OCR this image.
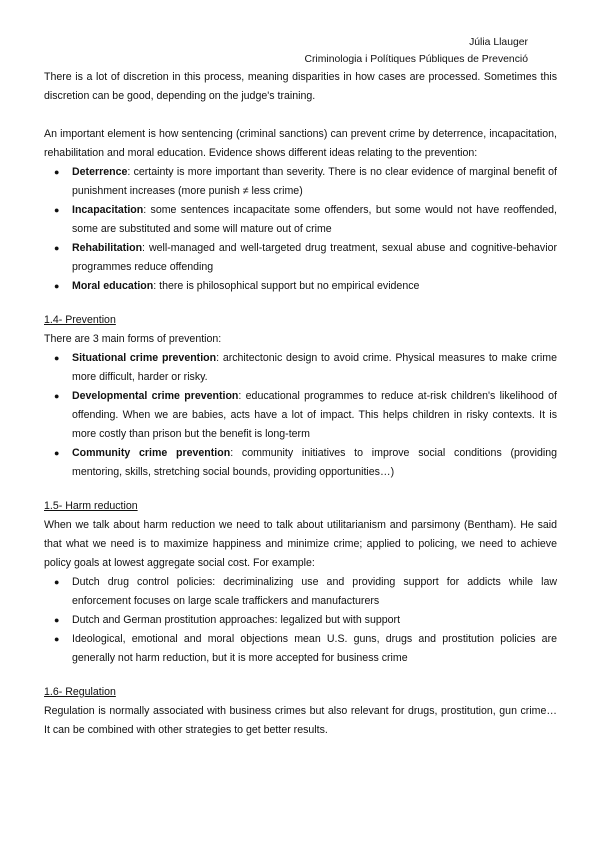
Júlia Llauger
Criminologia i Polítiques Públiques de Prevenció

There is a lot of discretion in this process, meaning disparities in how cases are processed. Sometimes this discretion can be good, depending on the judge's training.

An important element is how sentencing (criminal sanctions) can prevent crime by deterrence, incapacitation, rehabilitation and moral education. Evidence shows different ideas relating to the prevention:

● Deterrence: certainty is more important than severity. There is no clear evidence of marginal benefit of punishment increases (more punish ≠ less crime)
● Incapacitation: some sentences incapacitate some offenders, but some would not have reoffended, some are substituted and some will mature out of crime
● Rehabilitation: well-managed and well-targeted drug treatment, sexual abuse and cognitive-behavior programmes reduce offending
● Moral education: there is philosophical support but no empirical evidence

1.4- Prevention

There are 3 main forms of prevention:

● Situational crime prevention: architectonic design to avoid crime. Physical measures to make crime more difficult, harder or risky.
● Developmental crime prevention: educational programmes to reduce at-risk children's likelihood of offending. When we are babies, acts have a lot of impact. This helps children in risky contexts. It is more costly than prison but the benefit is long-term
● Community crime prevention: community initiatives to improve social conditions (providing mentoring, skills, stretching social bounds, providing opportunities…)

1.5- Harm reduction

When we talk about harm reduction we need to talk about utilitarianism and parsimony (Bentham). He said that what we need is to maximize happiness and minimize crime; applied to policing, we need to achieve policy goals at lowest aggregate social cost. For example:

● Dutch drug control policies: decriminalizing use and providing support for addicts while law enforcement focuses on large scale traffickers and manufacturers
● Dutch and German prostitution approaches: legalized but with support
● Ideological, emotional and moral objections mean U.S. guns, drugs and prostitution policies are generally not harm reduction, but it is more accepted for business crime

1.6- Regulation

Regulation is normally associated with business crimes but also relevant for drugs, prostitution, gun crime… It can be combined with other strategies to get better results.
